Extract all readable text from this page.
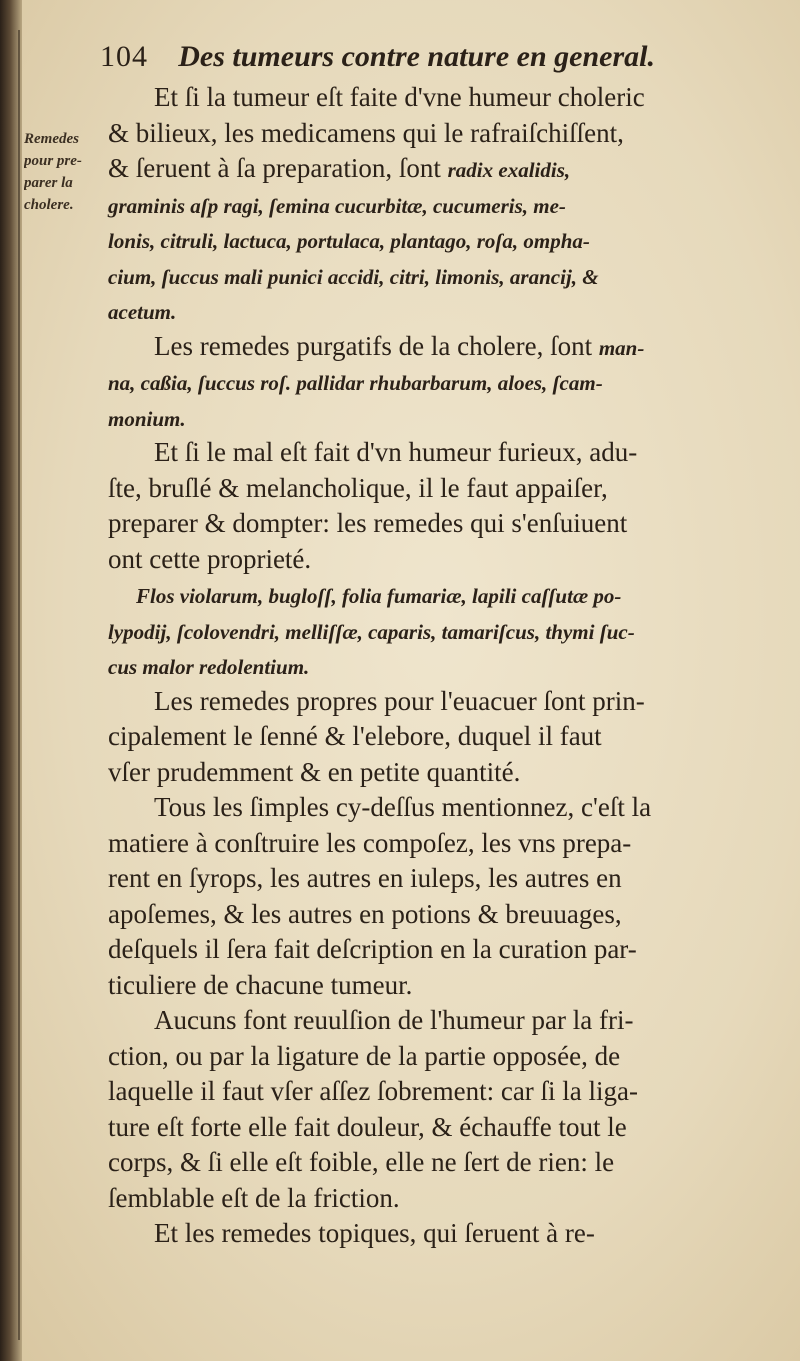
104 Des tumeurs contre nature en general.
Remedes
pour pre-
parer la
cholere.
Et ſi la tumeur eſt faite d'vne humeur choleric
& bilieux, les medicamens qui le rafraiſchiſſent,
& ſeruent à ſa preparation, ſont radix exalidis,
graminis aſp ragi, ſemina cucurbitæ, cucumeris, me-
lonis, citruli, lactuca, portulaca, plantago, roſa, ompha-
cium, ſuccus mali punici accidi, citri, limonis, arancij, &
acetum.
Les remedes purgatifs de la cholere, ſont man-
na, caßia, ſuccus roſ. pallidar rhubarbarum, aloes, ſcam-
monium.
Et ſi le mal eſt fait d'vn humeur furieux, adu-
ſte, bruſlé & melancholique, il le faut appaiſer,
preparer & dompter: les remedes qui s'enſuiuent
ont cette proprieté.
Flos violarum, bugloſſ, folia fumariæ, lapili caſſutæ po-
lypodij, ſcolovendri, melliſſæ, caparis, tamariſcus, thymi ſuc-
cus malor redolentium.
Les remedes propres pour l'euacuer ſont prin-
cipalement le ſenné & l'elebore, duquel il faut
vſer prudemment & en petite quantité.
Tous les ſimples cy-deſſus mentionnez, c'eſt la
matiere à conſtruire les compoſez, les vns prepa-
rent en ſyrops, les autres en iuleps, les autres en
apoſemes, & les autres en potions & breuuages,
deſquels il ſera fait deſcription en la curation par-
ticuliere de chacune tumeur.
Aucuns font reuulſion de l'humeur par la fri-
ction, ou par la ligature de la partie opposée, de
laquelle il faut vſer aſſez ſobrement: car ſi la liga-
ture eſt forte elle fait douleur, & échauffe tout le
corps, & ſi elle eſt foible, elle ne ſert de rien: le
ſemblable eſt de la friction.
Et les remedes topiques, qui ſeruent à re-
